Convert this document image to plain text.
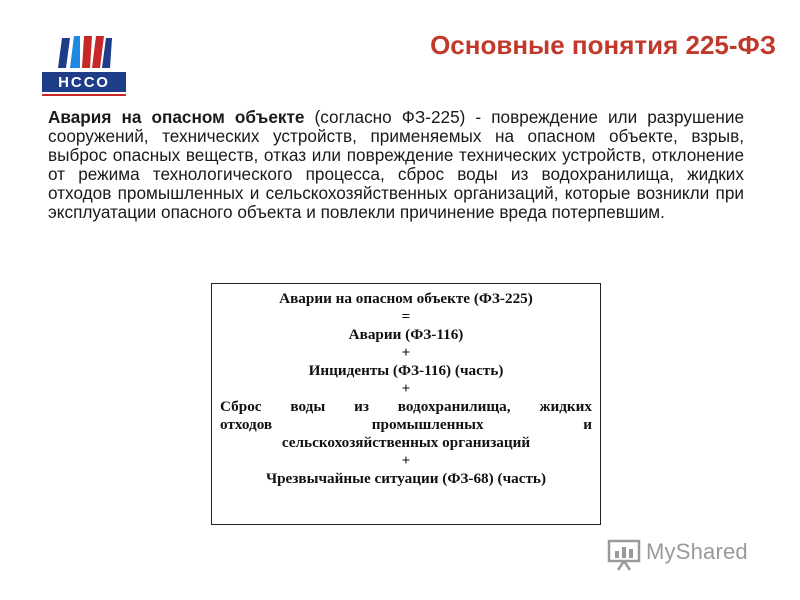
НССО
Основные понятия 225-ФЗ
Авария на опасном объекте (согласно ФЗ-225) - повреждение или разрушение сооружений, технических устройств, применяемых на опасном объекте, взрыв, выброс опасных веществ, отказ или повреждение технических устройств, отклонение от режима технологического процесса, сброс воды из водохранилища, жидких отходов промышленных и сельскохозяйственных организаций, которые возникли при эксплуатации опасного объекта и повлекли причинение вреда потерпевшим.
Аварии на опасном объекте (ФЗ-225)
=
Аварии (ФЗ-116)
+
Инциденты (ФЗ-116) (часть)
+
Сброс воды из водохранилища, жидких
отходов промышленных и
сельскохозяйственных организаций
+
Чрезвычайные ситуации (ФЗ-68) (часть)
MyShared
